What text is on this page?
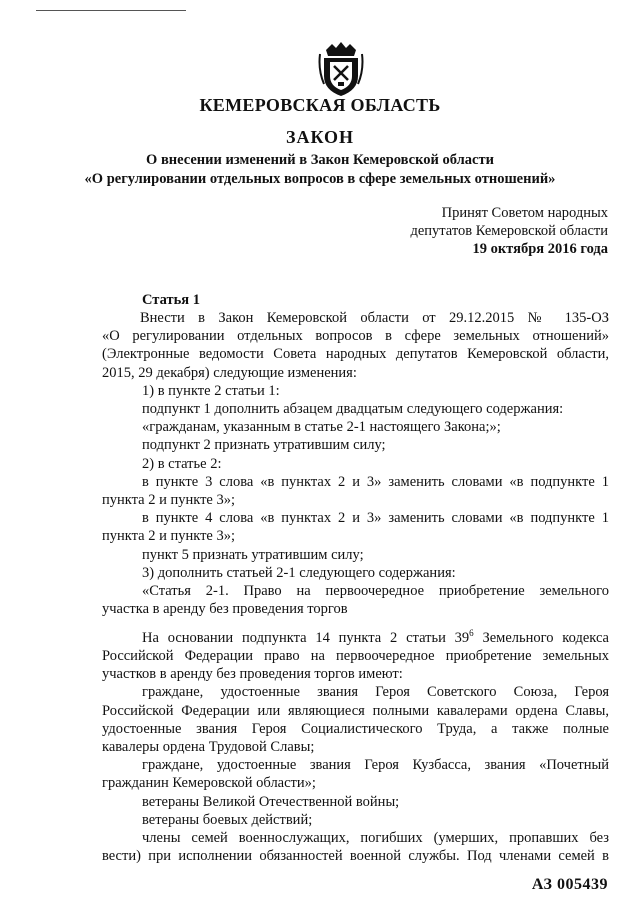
КЕМЕРОВСКАЯ ОБЛАСТЬ
ЗАКОН
О внесении изменений в Закон Кемеровской области
«О регулировании отдельных вопросов в сфере земельных отношений»
Принят Советом народных
депутатов Кемеровской области
19 октября 2016 года
Статья 1
Внести в Закон Кемеровской области от 29.12.2015 № 135-ОЗ
«О регулировании отдельных вопросов в сфере земельных отношений»
(Электронные ведомости Совета народных депутатов Кемеровской области,
2015, 29 декабря) следующие изменения:
1) в пункте 2 статьи 1:
подпункт 1 дополнить абзацем двадцатым следующего содержания:
«гражданам, указанным в статье 2-1 настоящего Закона;»;
подпункт 2 признать утратившим силу;
2) в статье 2:
в пункте 3 слова «в пунктах 2 и 3» заменить словами «в подпункте 1
пункта 2 и пункте 3»;
в пункте 4 слова «в пунктах 2 и 3» заменить словами «в подпункте 1
пункта 2 и пункте 3»;
пункт 5 признать утратившим силу;
3) дополнить статьей 2-1 следующего содержания:
«Статья 2-1. Право на первоочередное приобретение земельного
участка в аренду без проведения торгов
На основании подпункта 14 пункта 2 статьи $39^6$ Земельного кодекса
Российской Федерации право на первоочередное приобретение земельных
участков в аренду без проведения торгов имеют:
граждане, удостоенные звания Героя Советского Союза, Героя
Российской Федерации или являющиеся полными кавалерами ордена Славы,
удостоенные звания Героя Социалистического Труда, а также полные
кавалеры ордена Трудовой Славы;
граждане, удостоенные звания Героя Кузбасса, звания «Почетный
гражданин Кемеровской области»;
ветераны Великой Отечественной войны;
ветераны боевых действий;
члены семей военнослужащих, погибших (умерших, пропавших без
вести) при исполнении обязанностей военной службы. Под членами семей в
АЗ 005439
